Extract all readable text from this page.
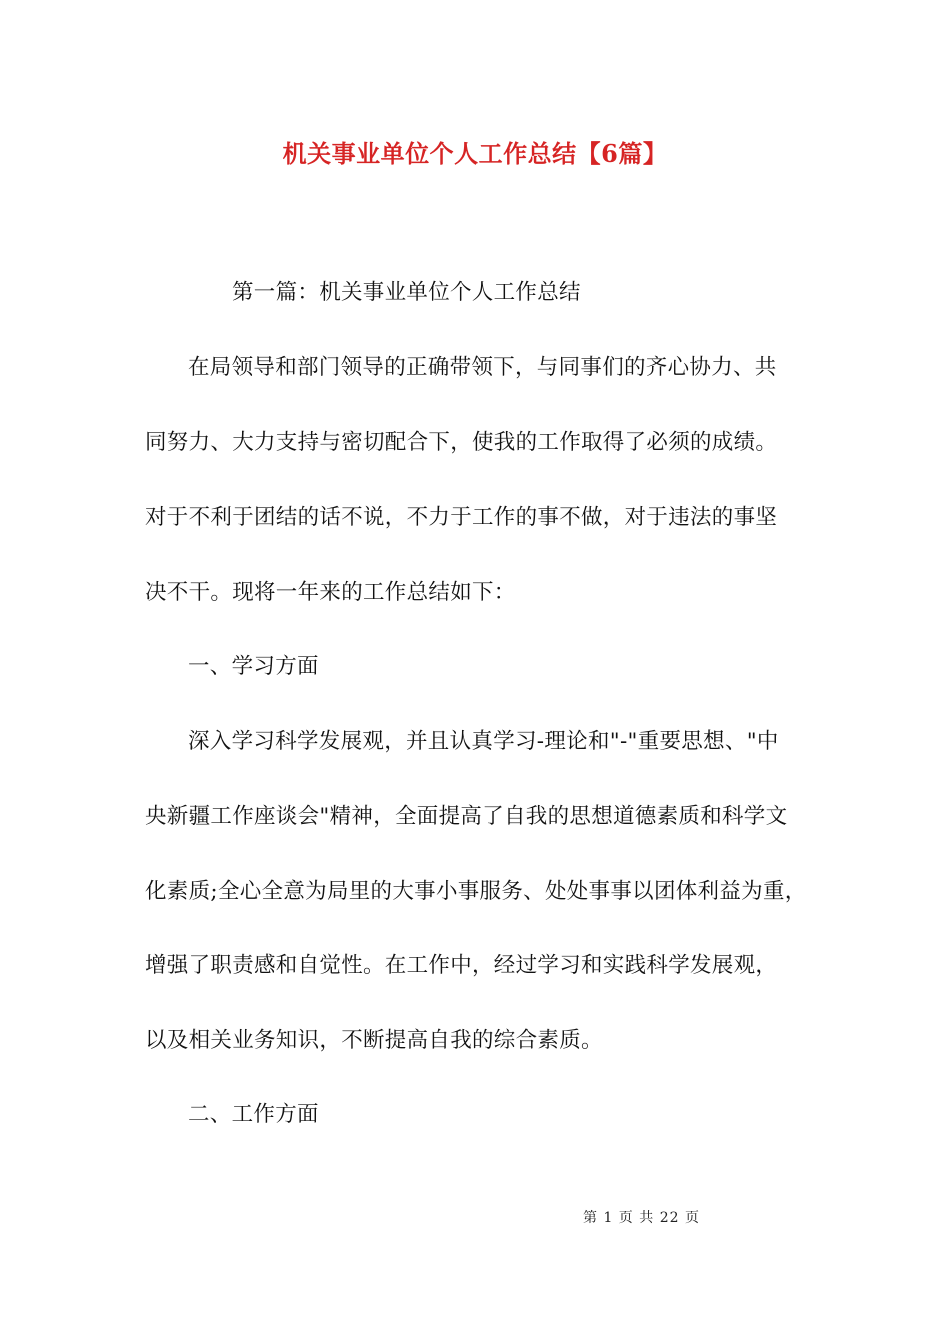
机关事业单位个人工作总结【6篇】
第一篇：机关事业单位个人工作总结
在局领导和部门领导的正确带领下，与同事们的齐心协力、共
同努力、大力支持与密切配合下，使我的工作取得了必须的成绩。
对于不利于团结的话不说，不力于工作的事不做，对于违法的事坚
决不干。现将一年来的工作总结如下：
一、学习方面
深入学习科学发展观，并且认真学习-理论和"-"重要思想、"中
央新疆工作座谈会"精神，全面提高了自我的思想道德素质和科学文
化素质;全心全意为局里的大事小事服务、处处事事以团体利益为重，
增强了职责感和自觉性。在工作中，经过学习和实践科学发展观，
以及相关业务知识，不断提高自我的综合素质。
二、工作方面
第 1 页 共 22 页
